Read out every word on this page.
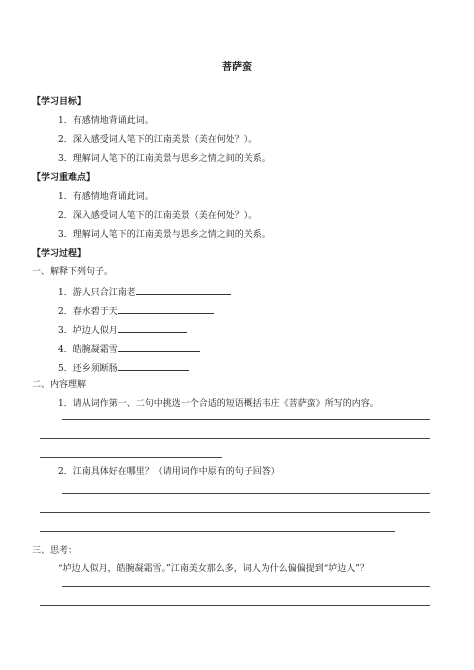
菩萨蛮
【学习目标】
1．有感情地背诵此词。
2．深入感受词人笔下的江南美景（美在何处？）。
3．理解词人笔下的江南美景与思乡之情之间的关系。
【学习重难点】
1．有感情地背诵此词。
2．深入感受词人笔下的江南美景（美在何处？）。
3．理解词人笔下的江南美景与思乡之情之间的关系。
【学习过程】
一、解释下列句子。
1．游人只合江南老
2．春水碧于天
3．垆边人似月
4．皓腕凝霜雪
5．还乡须断肠
二、内容理解
1．请从词作第一、二句中挑选一个合适的短语概括韦庄《菩萨蛮》所写的内容。
2．江南具体好在哪里？（请用词作中原有的句子回答）
三、思考：
“垆边人似月，皓腕凝霜雪。”江南美女那么多，词人为什么偏偏提到“垆边人”？
